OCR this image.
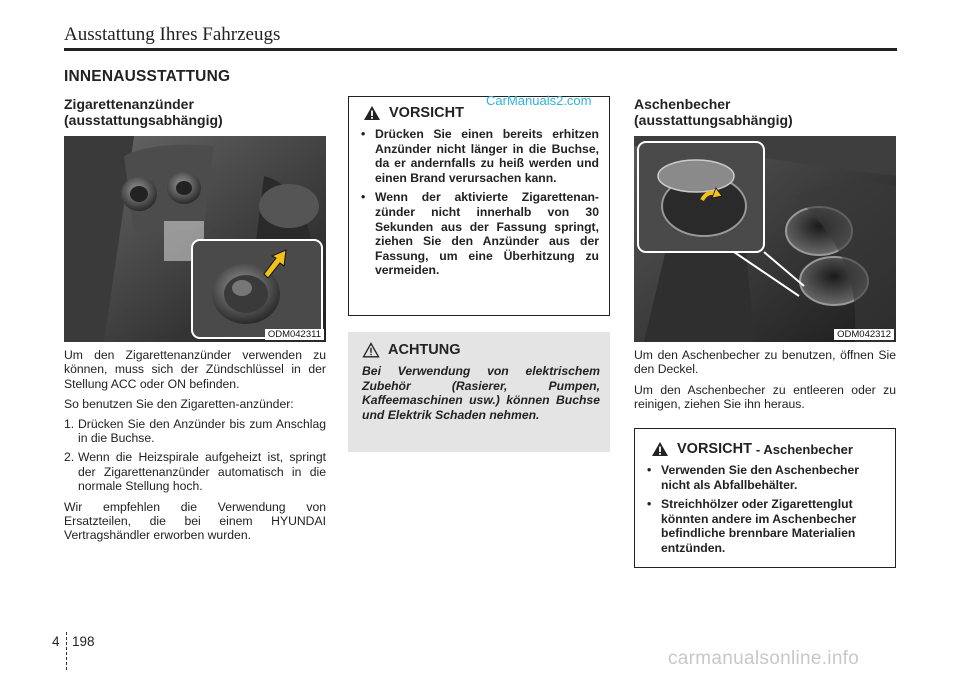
Ausstattung Ihres Fahrzeugs
INNENAUSSTATTUNG
Zigarettenanzünder
(ausstattungsabhängig)
ODM042311

Um den Zigarettenanzünder verwenden zu können, muss sich der Zündschlüssel in der Stellung ACC oder ON befinden.

So benutzen Sie den Zigaretten-anzünder:

1. Drücken Sie den Anzünder bis zum Anschlag in die Buchse.
2. Wenn die Heizspirale aufgeheizt ist, springt der Zigarettenanzünder automatisch in die normale Stellung hoch.

Wir empfehlen die Verwendung von Ersatzteilen, die bei einem HYUNDAI Vertragshändler erworben wurden.

VORSICHT
• Drücken Sie einen bereits erhitzen Anzünder nicht länger in die Buchse, da er andernfalls zu heiß werden und einen Brand verursachen kann.
• Wenn der aktivierte Zigarettenan-zünder nicht innerhalb von 30 Sekunden aus der Fassung springt, ziehen Sie den Anzünder aus der Fassung, um eine Überhitzung zu vermeiden.
ACHTUNG
Bei Verwendung von elektrischem Zubehör (Rasierer, Pumpen, Kaffeemaschinen usw.) können Buchse und Elektrik Schaden nehmen.
Aschenbecher
(ausstattungsabhängig)
ODM042312

Um den Aschenbecher zu benutzen, öffnen Sie den Deckel.

Um den Aschenbecher zu entleeren oder zu reinigen, ziehen Sie ihn heraus.

VORSICHT - Aschenbecher
• Verwenden Sie den Aschenbecher nicht als Abfallbehälter.
• Streichhölzer oder Zigarettenglut könnten andere im Aschenbecher befindliche brennbare Materialien entzünden.
CarManuals2.com
4 198
carmanualsonline.info
